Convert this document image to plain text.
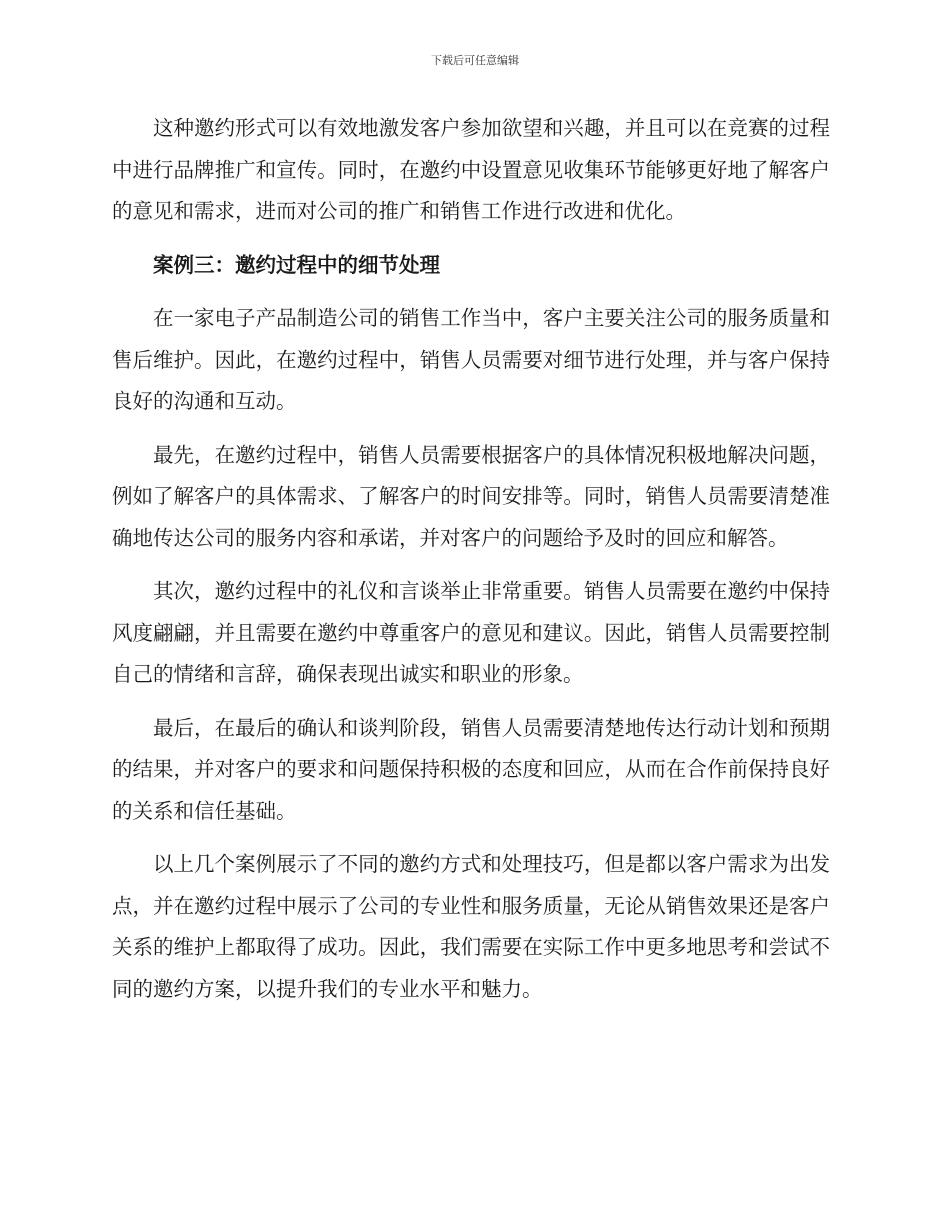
下载后可任意编辑

这种邀约形式可以有效地激发客户参加欲望和兴趣，并且可以在竞赛的过程中进行品牌推广和宣传。同时，在邀约中设置意见收集环节能够更好地了解客户的意见和需求，进而对公司的推广和销售工作进行改进和优化。

案例三：邀约过程中的细节处理

在一家电子产品制造公司的销售工作当中，客户主要关注公司的服务质量和售后维护。因此，在邀约过程中，销售人员需要对细节进行处理，并与客户保持良好的沟通和互动。

最先，在邀约过程中，销售人员需要根据客户的具体情况积极地解决问题，例如了解客户的具体需求、了解客户的时间安排等。同时，销售人员需要清楚准确地传达公司的服务内容和承诺，并对客户的问题给予及时的回应和解答。

其次，邀约过程中的礼仪和言谈举止非常重要。销售人员需要在邀约中保持风度翩翩，并且需要在邀约中尊重客户的意见和建议。因此，销售人员需要控制自己的情绪和言辞，确保表现出诚实和职业的形象。

最后，在最后的确认和谈判阶段，销售人员需要清楚地传达行动计划和预期的结果，并对客户的要求和问题保持积极的态度和回应，从而在合作前保持良好的关系和信任基础。

以上几个案例展示了不同的邀约方式和处理技巧，但是都以客户需求为出发点，并在邀约过程中展示了公司的专业性和服务质量，无论从销售效果还是客户关系的维护上都取得了成功。因此，我们需要在实际工作中更多地思考和尝试不同的邀约方案，以提升我们的专业水平和魅力。
